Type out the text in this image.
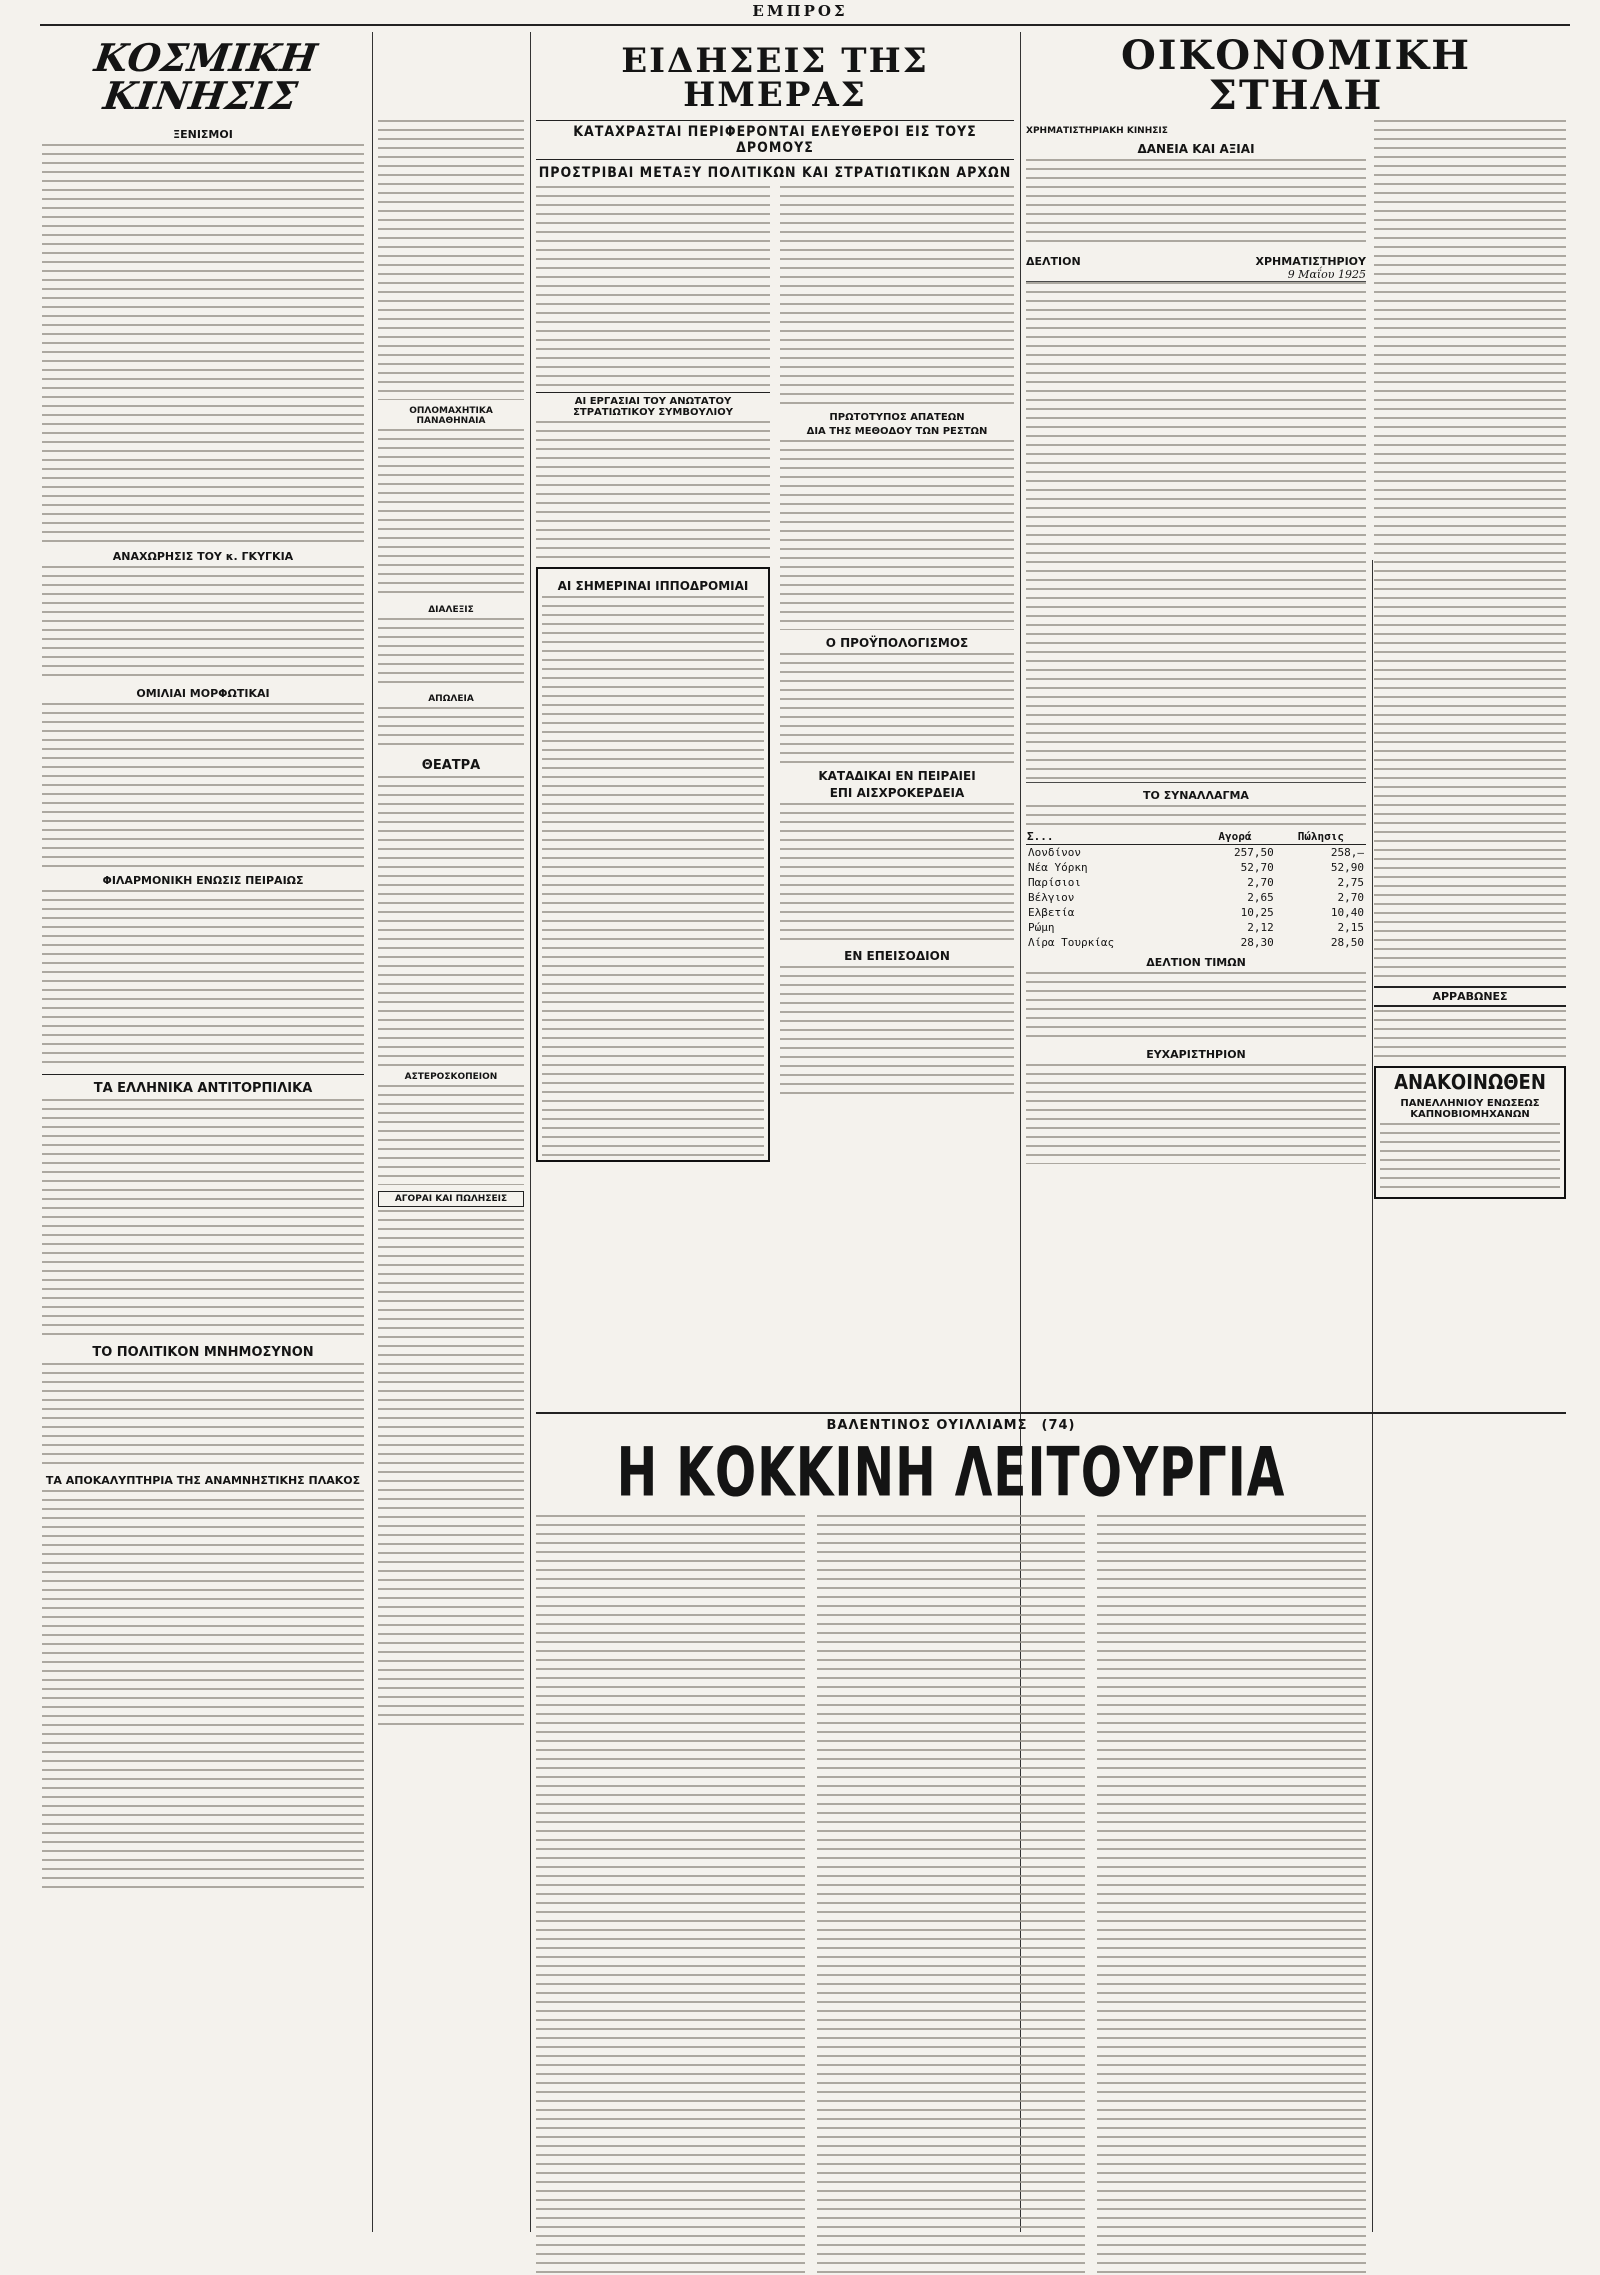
ΕΜΠΡΟΣ
ΚΟΣΜΙΚΗ ΚΙΝΗΣΙΣ
ΞΕΝΙΣΜΟΙ
ΑΝΑΧΩΡΗΣΙΣ ΤΟΥ κ. ΓΚΥΓΚΙΑ
ΟΜΙΛΙΑΙ ΜΟΡΦΩΤΙΚΑΙ
ΦΙΛΑΡΜΟΝΙΚΗ ΕΝΩΣΙΣ ΠΕΙΡΑΙΩΣ
ΤΑ ΕΛΛΗΝΙΚΑ ΑΝΤΙΤΟΡΠΙΛΙΚΑ
ΤΟ ΠΟΛΙΤΙΚΟΝ ΜΝΗΜΟΣΥΝΟΝ
ΤΑ ΑΠΟΚΑΛΥΠΤΗΡΙΑ ΤΗΣ ΑΝΑΜΝΗΣΤΙΚΗΣ ΠΛΑΚΟΣ
ΟΠΛΟΜΑΧΗΤΙΚΑ ΠΑΝΑΘΗΝΑΙΑ
ΔΙΑΛΕΞΙΣ
ΑΠΩΛΕΙΑ
ΘΕΑΤΡΑ
ΑΣΤΕΡΟΣΚΟΠΕΙΟΝ
ΑΓΟΡΑΙ ΚΑΙ ΠΩΛΗΣΕΙΣ
ΕΙΔΗΣΕΙΣ ΤΗΣ ΗΜΕΡΑΣ
ΚΑΤΑΧΡΑΣΤΑΙ ΠΕΡΙΦΕΡΟΝΤΑΙ ΕΛΕΥΘΕΡΟΙ ΕΙΣ ΤΟΥΣ ΔΡΟΜΟΥΣ
ΠΡΟΣΤΡΙΒΑΙ ΜΕΤΑΞΥ ΠΟΛΙΤΙΚΩΝ ΚΑΙ ΣΤΡΑΤΙΩΤΙΚΩΝ ΑΡΧΩΝ
ΑΙ ΕΡΓΑΣΙΑΙ ΤΟΥ ΑΝΩΤΑΤΟΥ ΣΤΡΑΤΙΩΤΙΚΟΥ ΣΥΜΒΟΥΛΙΟΥ
ΑΙ ΣΗΜΕΡΙΝΑΙ ΙΠΠΟΔΡΟΜΙΑΙ
ΠΡΩΤΟΤΥΠΟΣ ΑΠΑΤΕΩΝ
ΔΙΑ ΤΗΣ ΜΕΘΟΔΟΥ ΤΩΝ ΡΕΣΤΩΝ
Ο ΠΡΟΫΠΟΛΟΓΙΣΜΟΣ
ΚΑΤΑΔΙΚΑΙ ΕΝ ΠΕΙΡΑΙΕΙ
ΕΠΙ ΑΙΣΧΡΟΚΕΡΔΕΙΑ
ΕΝ ΕΠΕΙΣΟΔΙΟΝ
ΒΑΛΕΝΤΙΝΟΣ ΟΥΙΛΛΙΑΜΣ (74)
Η ΚΟΚΚΙΝΗ ΛΕΙΤΟΥΡΓΙΑ
ΟΙΚΟΝΟΜΙΚΗ ΣΤΗΛΗ
ΧΡΗΜΑΤΙΣΤΗΡΙΑΚΗ ΚΙΝΗΣΙΣ
ΔΑΝΕΙΑ ΚΑΙ ΑΞΙΑΙ
ΔΕΛΤΙΟΝ	ΧΡΗΜΑΤΙΣΤΗΡΙΟΥ
9 Μαΐου 1925
ΤΟ ΣΥΝΑΛΛΑΓΜΑ
Σ...	Αγορά	Πώλησις
Λονδίνον	257,50	258,—
Νέα Υόρκη	52,70	52,90
Παρίσιοι	2,70	2,75
Βέλγιον	2,65	2,70
Ελβετία	10,25	10,40
Ρώμη	2,12	2,15
Λίρα Τουρκίας	28,30	28,50
ΔΕΛΤΙΟΝ ΤΙΜΩΝ
ΕΥΧΑΡΙΣΤΗΡΙΟΝ
ΑΡΡΑΒΩΝΕΣ
ΑΝΑΚΟΙΝΩΘΕΝ
ΠΑΝΕΛΛΗΝΙΟΥ ΕΝΩΣΕΩΣ ΚΑΠΝΟΒΙΟΜΗΧΑΝΩΝ
